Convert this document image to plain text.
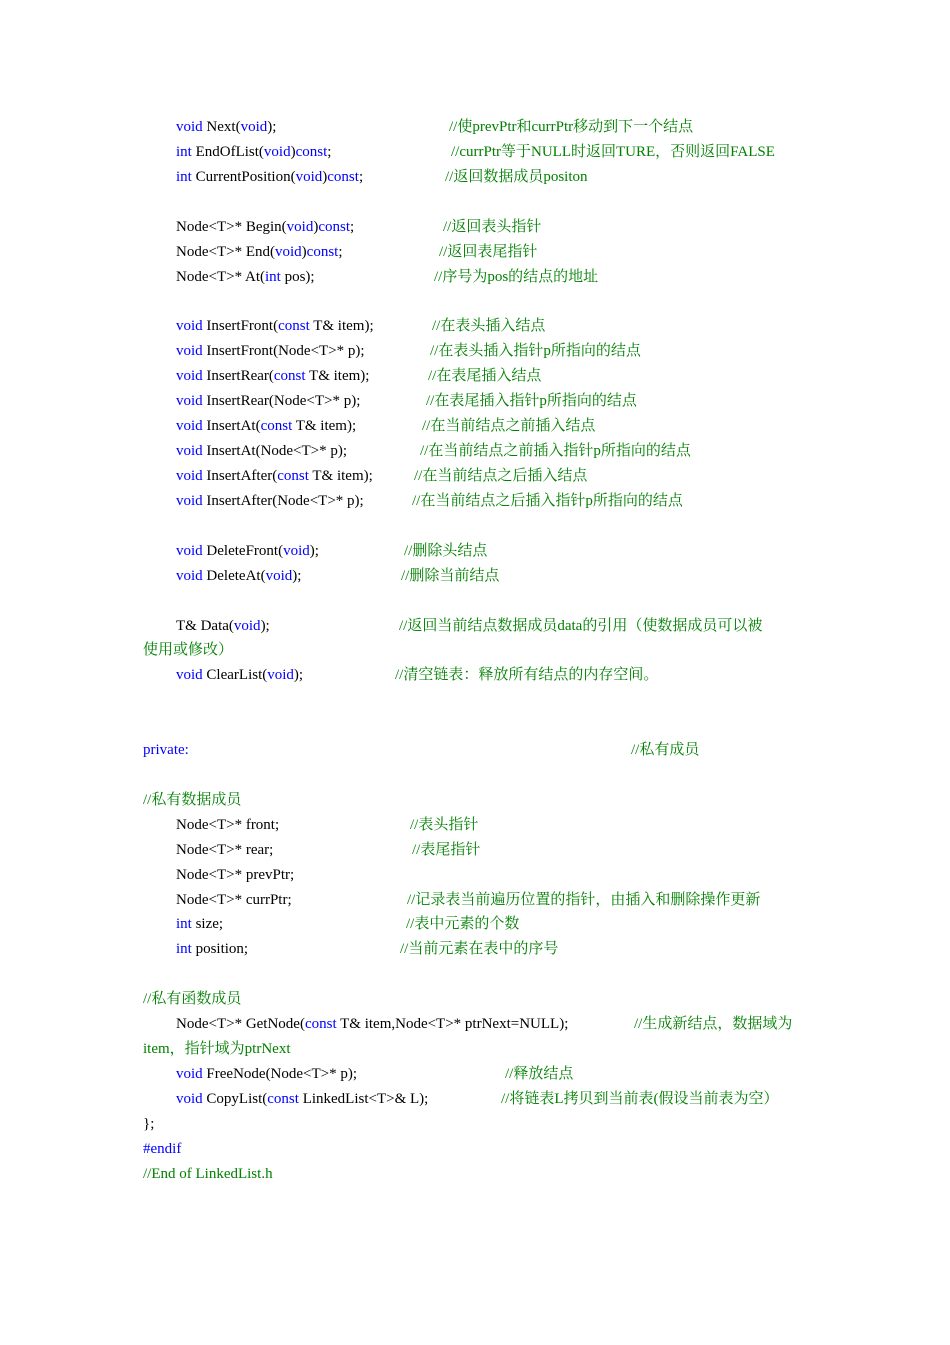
void Next(void);	//使prevPtr和currPtr移动到下一个结点
int EndOfList(void)const;	//currPtr等于NULL时返回TURE，否则返回FALSE
int CurrentPosition(void)const;	//返回数据成员positon
Node<T>* Begin(void)const;	//返回表头指针
Node<T>* End(void)const;	//返回表尾指针
Node<T>* At(int pos);	//序号为pos的结点的地址
void InsertFront(const T& item);	//在表头插入结点
void InsertFront(Node<T>* p);	//在表头插入指针p所指向的结点
void InsertRear(const T& item);	//在表尾插入结点
void InsertRear(Node<T>* p);	//在表尾插入指针p所指向的结点
void InsertAt(const T& item);	//在当前结点之前插入结点
void InsertAt(Node<T>* p);	//在当前结点之前插入指针p所指向的结点
void InsertAfter(const T& item);	//在当前结点之后插入结点
void InsertAfter(Node<T>* p);	//在当前结点之后插入指针p所指向的结点
void DeleteFront(void);	//删除头结点
void DeleteAt(void);	//删除当前结点
T& Data(void);	//返回当前结点数据成员data的引用（使数据成员可以被
使用或修改）
void ClearList(void);	//清空链表：释放所有结点的内存空间。
private:	//私有成员
//私有数据成员
Node<T>* front;	//表头指针
Node<T>* rear;	//表尾指针
Node<T>* prevPtr;
Node<T>* currPtr;	//记录表当前遍历位置的指针，由插入和删除操作更新
int size;	//表中元素的个数
int position;	//当前元素在表中的序号
//私有函数成员
Node<T>* GetNode(const T& item,Node<T>* ptrNext=NULL);	//生成新结点，数据域为
item，指针域为ptrNext
void FreeNode(Node<T>* p);	//释放结点
void CopyList(const LinkedList<T>& L);	//将链表L拷贝到当前表(假设当前表为空）
};
#endif
//End of LinkedList.h
